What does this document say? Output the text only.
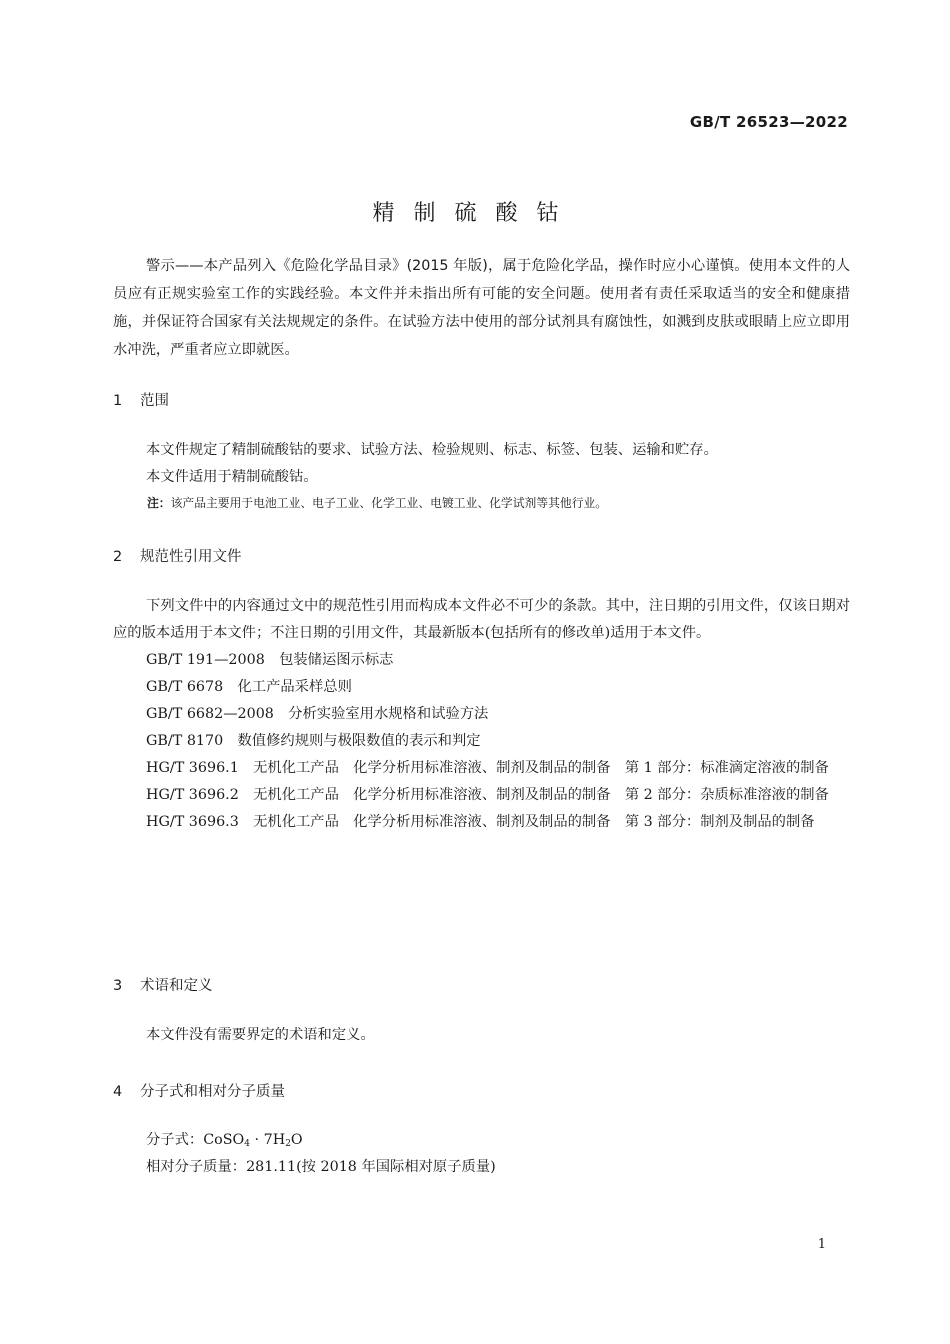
GB/T 26523—2022
精制硫酸钴
警示——本产品列入《危险化学品目录》(2015 年版)，属于危险化学品，操作时应小心谨慎。使用本文件的人员应有正规实验室工作的实践经验。本文件并未指出所有可能的安全问题。使用者有责任采取适当的安全和健康措施，并保证符合国家有关法规规定的条件。在试验方法中使用的部分试剂具有腐蚀性，如溅到皮肤或眼睛上应立即用水冲洗，严重者应立即就医。
1 范围
本文件规定了精制硫酸钴的要求、试验方法、检验规则、标志、标签、包装、运输和贮存。
本文件适用于精制硫酸钴。
注：该产品主要用于电池工业、电子工业、化学工业、电镀工业、化学试剂等其他行业。
2 规范性引用文件
下列文件中的内容通过文中的规范性引用而构成本文件必不可少的条款。其中，注日期的引用文件，仅该日期对应的版本适用于本文件；不注日期的引用文件，其最新版本(包括所有的修改单)适用于本文件。
GB/T 191—2008　包装储运图示标志
GB/T 6678　化工产品采样总则
GB/T 6682—2008　分析实验室用水规格和试验方法
GB/T 8170　数值修约规则与极限数值的表示和判定
HG/T 3696.1　无机化工产品　化学分析用标准溶液、制剂及制品的制备　第 1 部分：标准滴定溶液的制备
HG/T 3696.2　无机化工产品　化学分析用标准溶液、制剂及制品的制备　第 2 部分：杂质标准溶液的制备
HG/T 3696.3　无机化工产品　化学分析用标准溶液、制剂及制品的制备　第 3 部分：制剂及制品的制备
3 术语和定义
本文件没有需要界定的术语和定义。
4 分子式和相对分子质量
分子式：CoSO$_4$ · $7H_2O$
相对分子质量：281.11(按 2018 年国际相对原子质量)
1
